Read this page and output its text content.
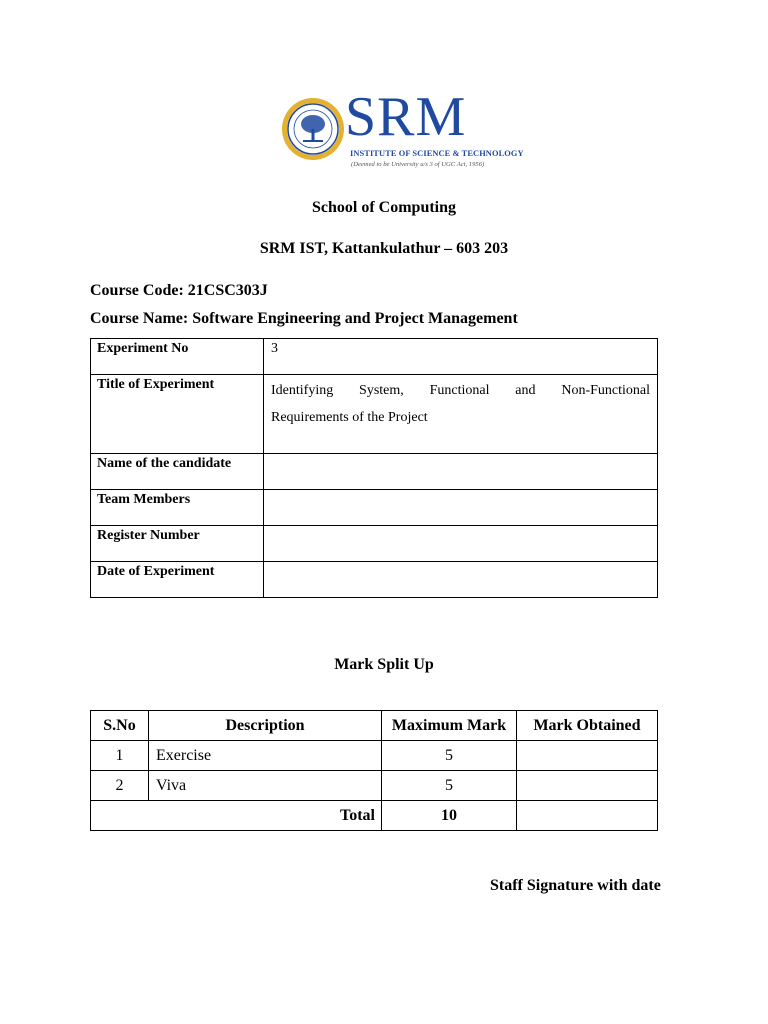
SRM
INSTITUTE OF SCIENCE & TECHNOLOGY
(Deemed to be University u/s 3 of UGC Act, 1956)
School of Computing
SRM IST, Kattankulathur – 603 203
Course Code: 21CSC303J
Course Name: Software Engineering and Project Management
Experiment No	3
Title of Experiment	Identifying System, Functional and Non-Functional
Requirements of the Project

Name of the candidate	
Team Members	
Register Number	
Date of Experiment	
Mark Split Up
S.No	Description	Maximum Mark	Mark Obtained
1	Exercise	5	
2	Viva	5	
Total		10	
Staff Signature with date
